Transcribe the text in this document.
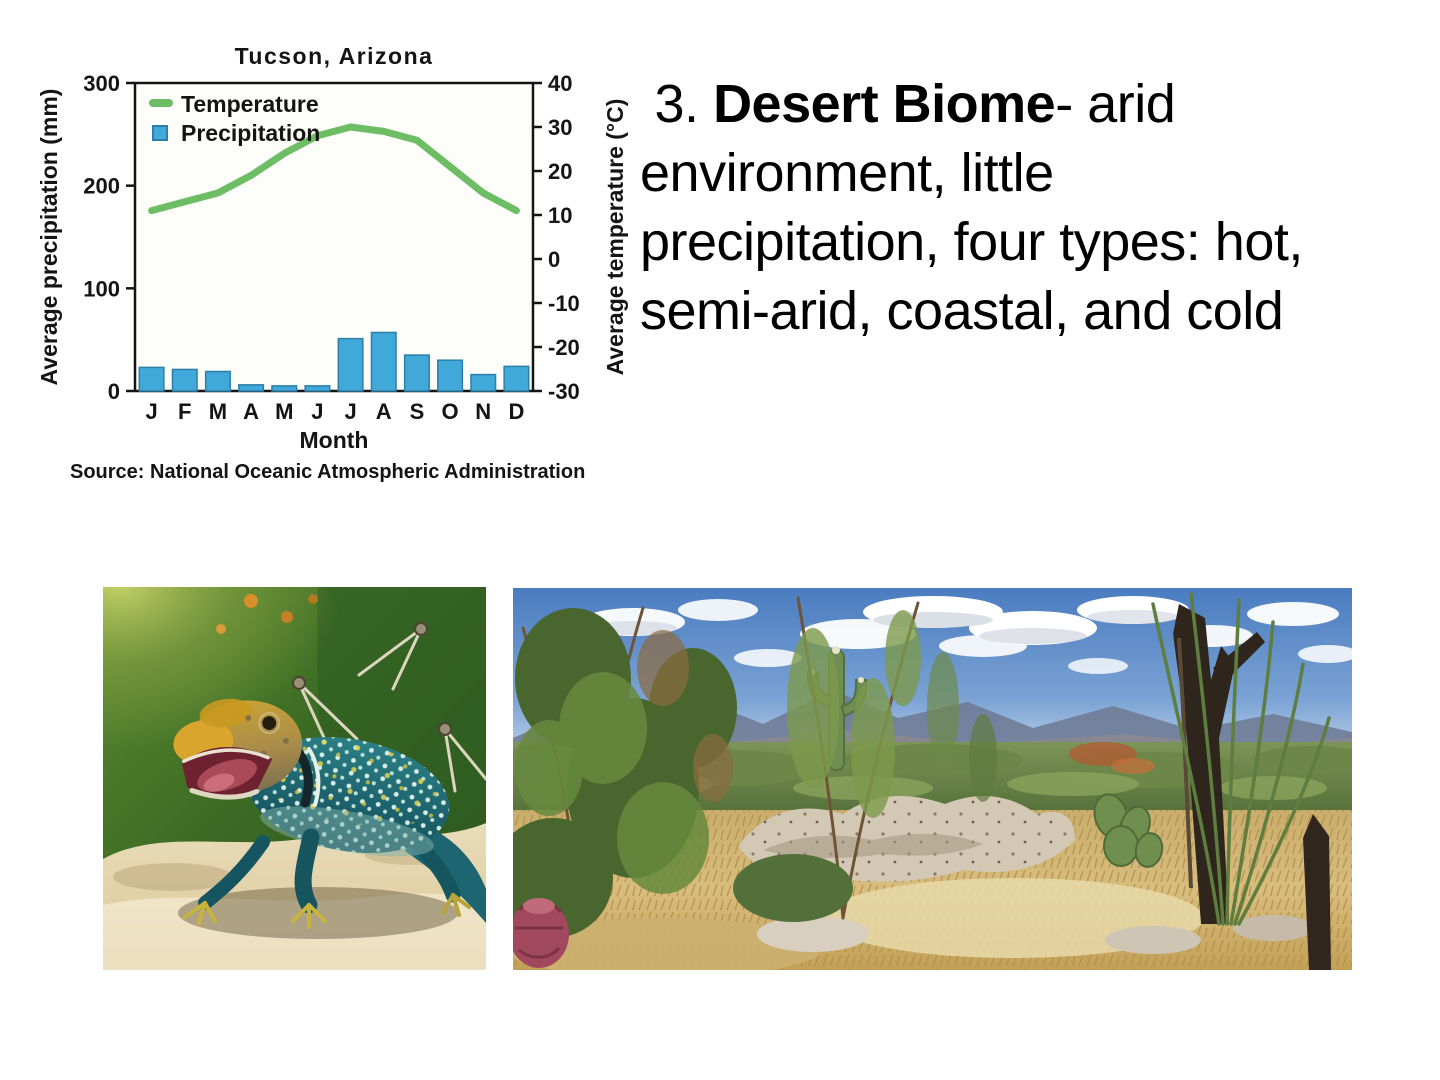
0
100
200
300
-30
-20
-10
0
10
20
30
40
J F M A M J J A S O N D
Month
Tucson, Arizona
Average precipitation (mm)	Average temperature (°C)
Temperature
Precipitation
Source: National Oceanic Atmospheric Administration

3. Desert Biome- arid environment, little precipitation, four types: hot, semi-arid, coastal, and cold
